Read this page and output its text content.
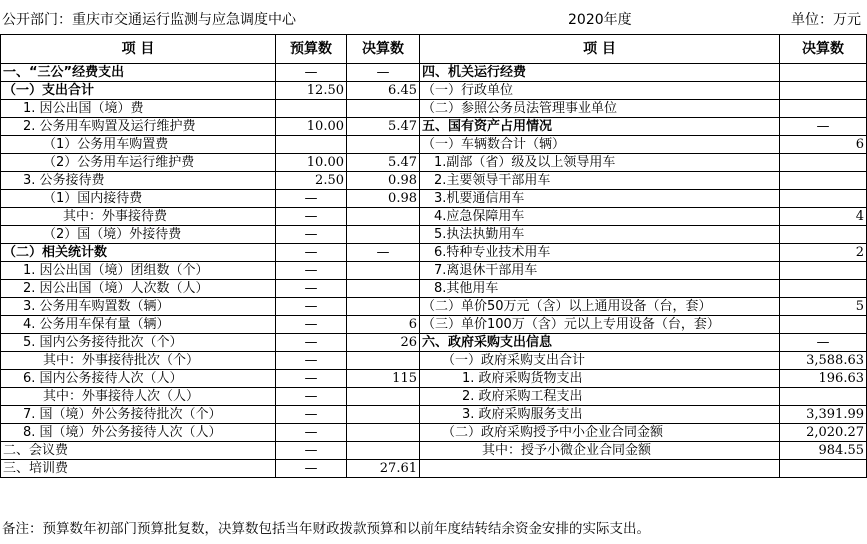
公开部门：重庆市交通运行监测与应急调度中心	2020年度	单位：万元
项 目	预算数	决算数	项 目	决算数
一、“三公”经费支出	—	—	四、机关运行经费	
（一）支出合计	12.50	6.45	（一）行政单位	
1. 因公出国（境）费			（二）参照公务员法管理事业单位	
2. 公务用车购置及运行维护费	10.00	5.47	五、国有资产占用情况	—
（1）公务用车购置费			（一）车辆数合计（辆）	6
（2）公务用车运行维护费	10.00	5.47	1.副部（省）级及以上领导用车	
3. 公务接待费	2.50	0.98	2.主要领导干部用车	
（1）国内接待费	—	0.98	3.机要通信用车	
其中：外事接待费	—		4.应急保障用车	4
（2）国（境）外接待费	—		5.执法执勤用车	
（二）相关统计数	—	—	6.特种专业技术用车	2
1. 因公出国（境）团组数（个）	—		7.离退休干部用车	
2. 因公出国（境）人次数（人）	—		8.其他用车	
3. 公务用车购置数（辆）	—		（二）单价50万元（含）以上通用设备（台，套）	5
4. 公务用车保有量（辆）	—	6	（三）单价100万（含）元以上专用设备（台，套）	
5. 国内公务接待批次（个）	—	26	六、政府采购支出信息	—
其中：外事接待批次（个）	—		（一）政府采购支出合计	3,588.63
6. 国内公务接待人次（人）	—	115	1. 政府采购货物支出	196.63
其中：外事接待人次（人）	—		2. 政府采购工程支出	
7. 国（境）外公务接待批次（个）	—		3. 政府采购服务支出	3,391.99
8. 国（境）外公务接待人次（人）	—		（二）政府采购授予中小企业合同金额	2,020.27
二、会议费	—		其中：授予小微企业合同金额	984.55
三、培训费	—	27.61		
备注：预算数年初部门预算批复数，决算数包括当年财政拨款预算和以前年度结转结余资金安排的实际支出。
